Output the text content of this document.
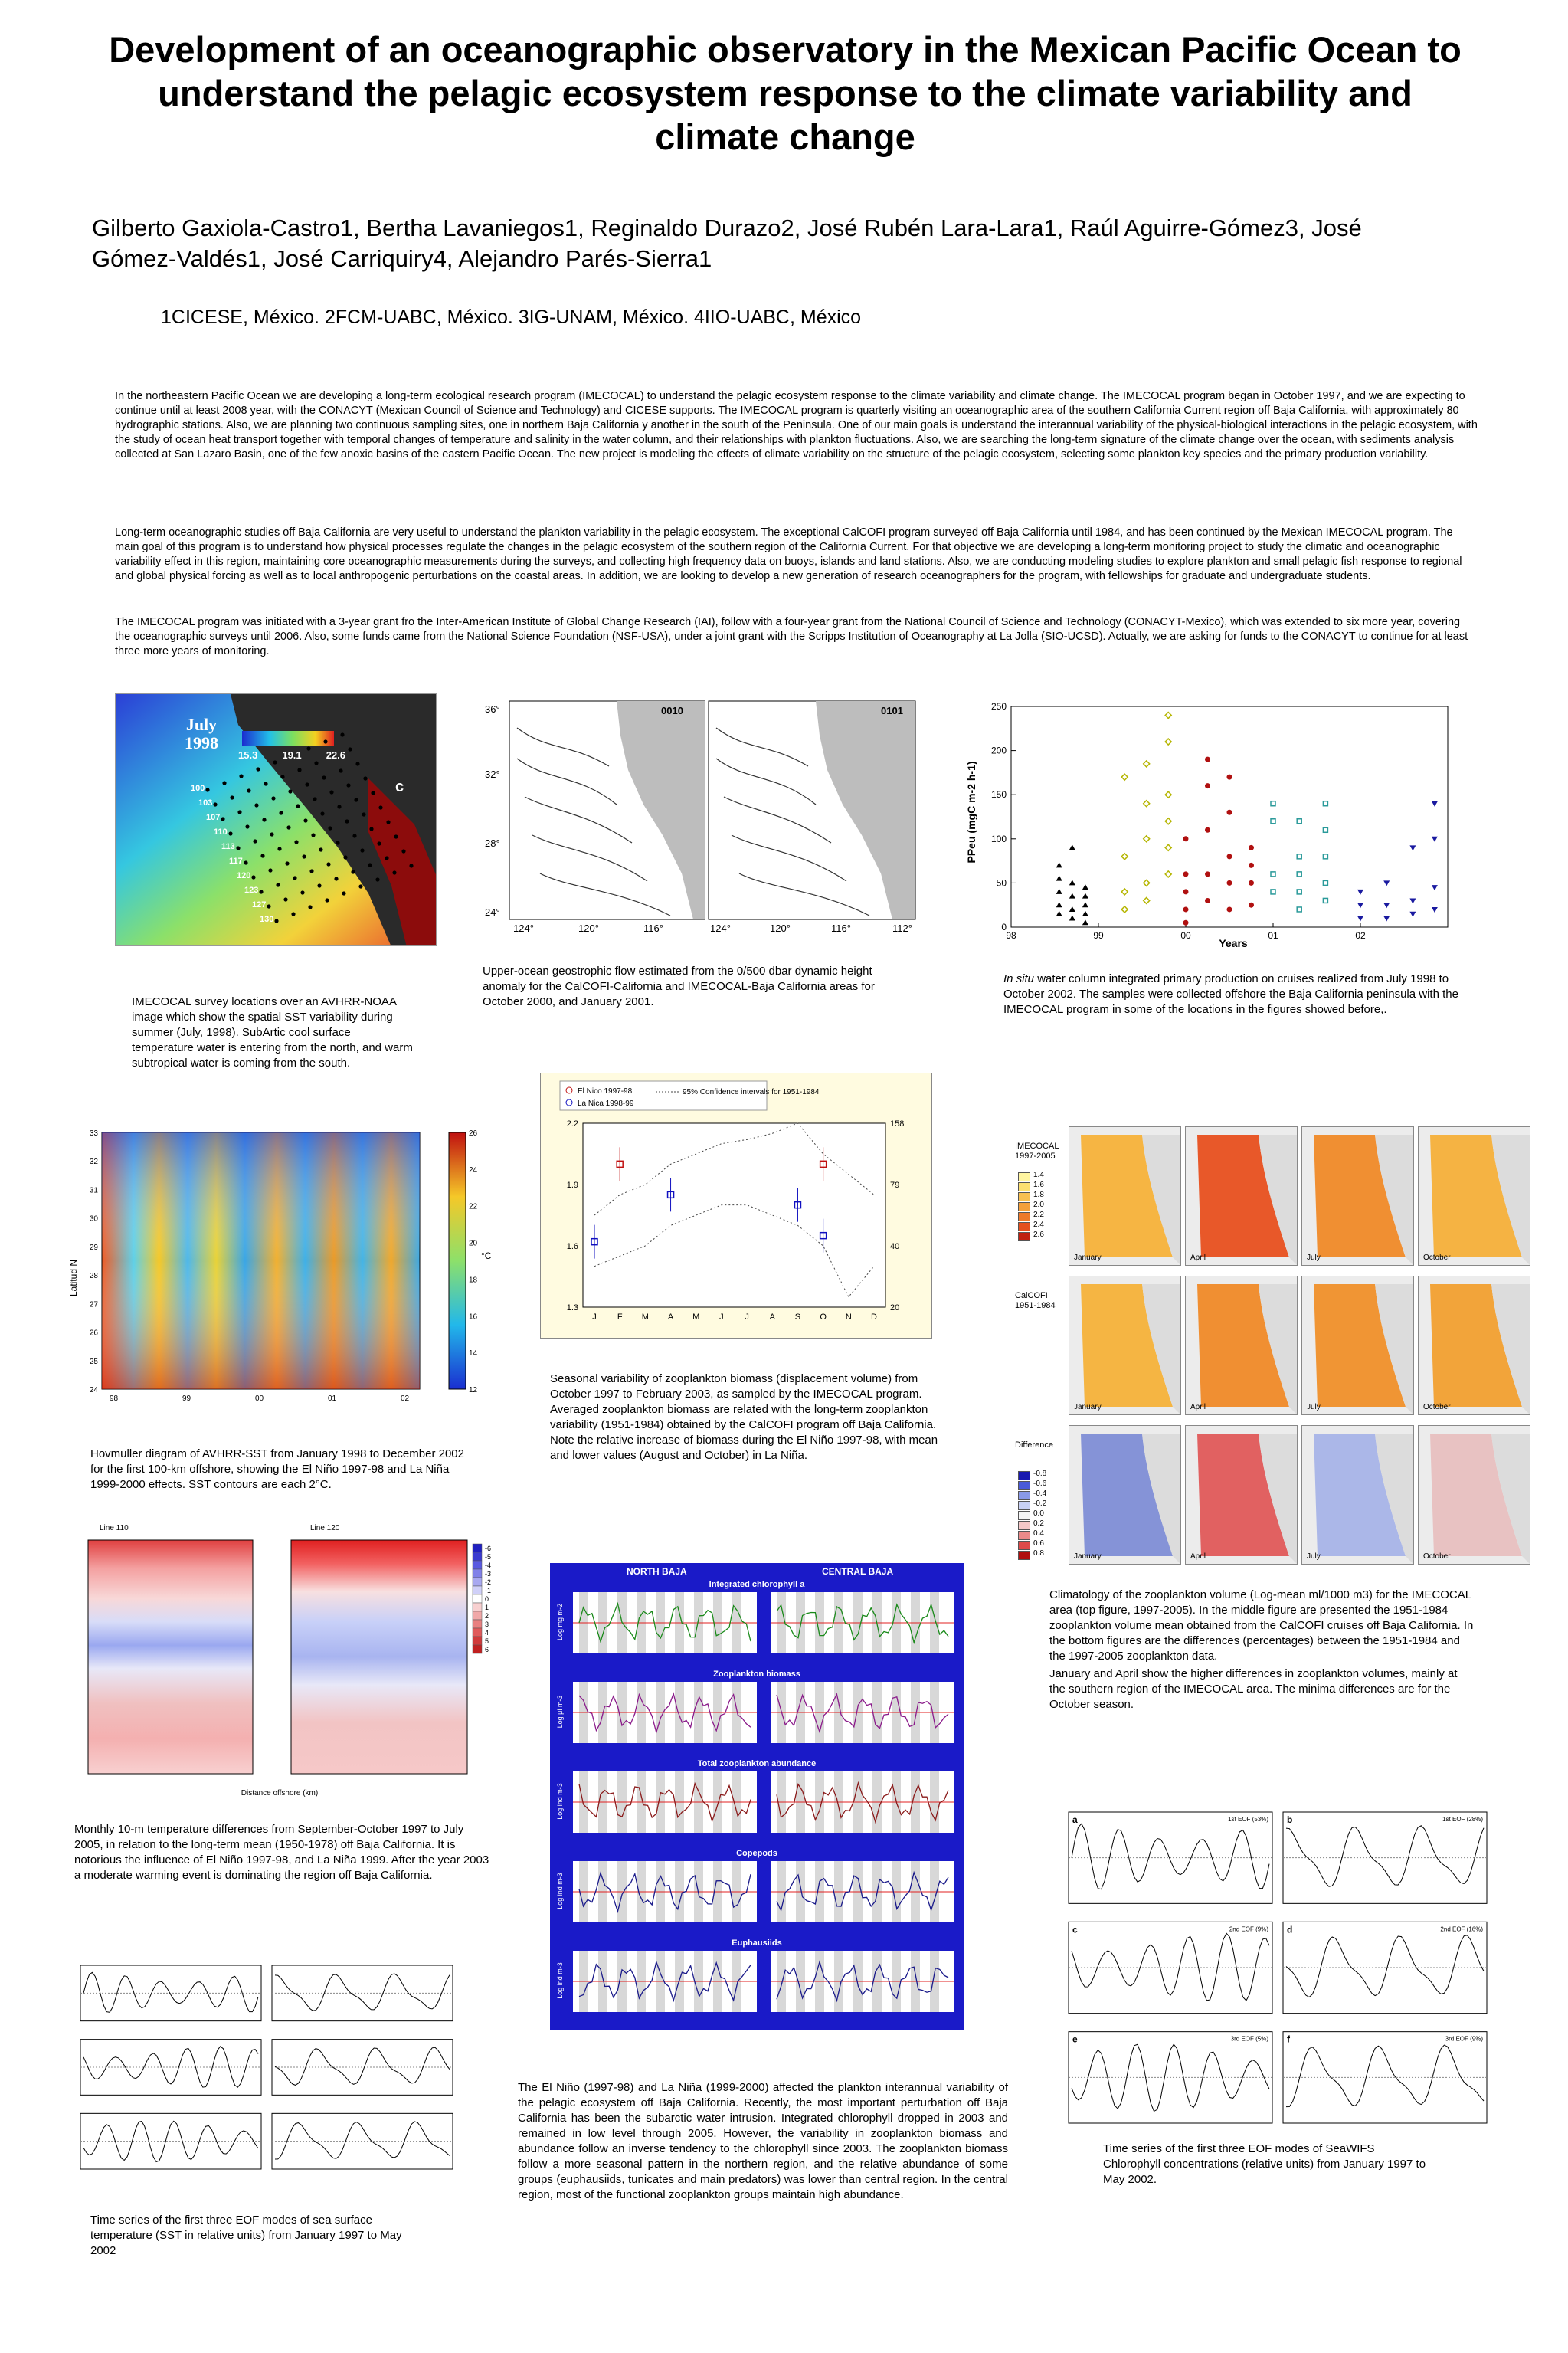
Development of an oceanographic observatory in the Mexican Pacific Ocean to understand the pelagic ecosystem response to the climate variability and climate change
Gilberto Gaxiola-Castro1, Bertha Lavaniegos1, Reginaldo Durazo2, José Rubén Lara-Lara1, Raúl Aguirre-Gómez3, José Gómez-Valdés1, José Carriquiry4, Alejandro Parés-Sierra1
1CICESE, México. 2FCM-UABC, México. 3IG-UNAM, México. 4IIO-UABC, México
In the northeastern Pacific Ocean we are developing a long-term ecological research program (IMECOCAL) to understand the pelagic ecosystem response to the climate variability and climate change. The IMECOCAL program began in October 1997, and we are expecting to continue until at least 2008 year, with the CONACYT (Mexican Council of Science and Technology) and CICESE supports. The IMECOCAL program is quarterly visiting an oceanographic area of the southern California Current region off Baja California, with approximately 80 hydrographic stations. Also, we are planning two continuous sampling sites, one in northern Baja California y another in the south of the Peninsula. One of our main goals is understand the interannual variability of the physical-biological interactions in the pelagic ecosystem, with the study of ocean heat transport together with temporal changes of temperature and salinity in the water column, and their relationships with plankton fluctuations. Also, we are searching the long-term signature of the climate change over the ocean, with sediments analysis collected at San Lazaro Basin, one of the few anoxic basins of the eastern Pacific Ocean. The new project is modeling the effects of climate variability on the structure of the pelagic ecosystem, selecting some plankton key species and the primary production variability.
Long-term oceanographic studies off Baja California are very useful to understand the plankton variability in the pelagic ecosystem. The exceptional CalCOFI program surveyed off Baja California until 1984, and has been continued by the Mexican IMECOCAL program. The main goal of this program is to understand how physical processes regulate the changes in the pelagic ecosystem of the southern region of the California Current. For that objective we are developing a long-term monitoring project to study the climatic and oceanographic variability effect in this region, maintaining core oceanographic measurements during the surveys, and collecting high frequency data on buoys, islands and land stations. Also, we are conducting modeling studies to explore plankton and small pelagic fish response to regional and global physical forcing as well as to local anthropogenic perturbations on the coastal areas. In addition, we are looking to develop a new generation of research oceanographers for the program, with fellowships for graduate and undergraduate students.
The IMECOCAL program was initiated with a 3-year grant fro the Inter-American Institute of Global Change Research (IAI), follow with a four-year grant from the National Council of Science and Technology (CONACYT-Mexico), which was extended to six more year, covering the oceanographic surveys until 2006. Also, some funds came from the National Science Foundation (NSF-USA), under a joint grant with the Scripps Institution of Oceanography at La Jolla (SIO-UCSD). Actually, we are asking for funds to the CONACYT to continue for at least three more years of monitoring.
July
1998
15.3 19.1 22.6
c
100
103
107
110
113
117
120
123
127
130
IMECOCAL survey locations over an AVHRR-NOAA image which show the spatial SST variability during summer (July, 1998). SubArtic cool surface temperature water is entering from the north, and warm subtropical water is coming from the south.
0010	0101
36°
32°
28°
24°
124°	120°	116°	124°	120°	116°	112°
Upper-ocean geostrophic flow estimated from the 0/500 dbar dynamic height anomaly for the CalCOFI-California and IMECOCAL-Baja California areas for October 2000, and January 2001.
PPeu (mgC m-2 h-1)
Years
0
50
100
150
200
250
98	99	00	01	02
In situ water column integrated primary production on cruises realized from July 1998 to October 2002. The samples were collected offshore the Baja California peninsula with the IMECOCAL program in some of the locations in the figures showed before,.
Latitud N
33
32
31
30
29
28
27
26
25
24
98	99	00	01	02
°C
26
24
22
20
18
16
14
12
Hovmuller diagram of AVHRR-SST from January 1998 to December 2002 for the first 100-km offshore, showing the El Niño 1997-98 and La Niña 1999-2000 effects. SST contours are each 2°C.
El Nico 1997-98
La Nica 1998-99
95% Confidence intervals for 1951-1984
1.3
1.6
1.9
2.2
20
40
79
158
J F M A M J	J A S O N D
Seasonal variability of zooplankton biomass (displacement volume) from October 1997 to February 2003, as sampled by the IMECOCAL program. Averaged zooplankton biomass are related with the long-term zooplankton variability (1951-1984) obtained by the CalCOFI program off Baja California. Note the relative increase of biomass during the El Niño 1997-98, with mean and lower values (August and October) in La Niña.
IMECOCAL 1997-2005
1.4
1.6
1.8
2.0
2.2
2.4
2.6
January	April	July	October
CalCOFI 1951-1984
January	April	July	October
Difference
-0.8
-0.6
-0.4
-0.2
0.0
0.2
0.4
0.6
0.8	January	April	July	October
Climatology of the zooplankton volume (Log-mean ml/1000 m3) for the IMECOCAL area (top figure, 1997-2005). In the middle figure are presented the 1951-1984 zooplankton volume mean obtained from the CalCOFI cruises off Baja California. In the bottom figures are the differences (percentages) between the 1951-1984 and the 1997-2005 zooplankton data.
January and April show the higher differences in zooplankton volumes, mainly at the southern region of the IMECOCAL area. The minima differences are for the October season.
Line 110	Line 120
-6
-5
-4
-3
-2
-1
0
1
2
3
4
5
6
Distance offshore (km)
Monthly 10-m temperature differences from September-October 1997 to July 2005, in relation to the long-term mean (1950-1978) off Baja California. It is notorious the influence of El Niño 1997-98, and La Niña 1999. After the year 2003 a moderate warming event is dominating the region off Baja California.
Time series of the first three EOF modes of sea surface temperature (SST in relative units) from January 1997 to May 2002
NORTH BAJA	CENTRAL BAJA
Integrated chlorophyll a
Log mg m-2
Zooplankton biomass
Log μl m-3
Total zooplankton abundance
Log ind m-3
Copepods
Log ind m-3
Euphausiids
Log ind m-3
The El Niño (1997-98) and La Niña (1999-2000) affected the plankton interannual variability of the pelagic ecosystem off Baja California. Recently, the most important perturbation off Baja California has been the subarctic water intrusion. Integrated chlorophyll dropped in 2003 and remained in low level through 2005. However, the variability in zooplankton biomass and abundance follow an inverse tendency to the chlorophyll since 2003. The zooplankton biomass follow a more seasonal pattern in the northern region, and the relative abundance of some groups (euphausiids, tunicates and main predators) was lower than central region. In the central region, most of the functional zooplankton groups maintain high abundance.
a	1st EOF (53%) b	1st EOF (28%)
c	2nd EOF (9%) d	2nd EOF (16%)
e	3rd EOF (5%) f	3rd EOF (9%)
Time series of the first three EOF modes of SeaWIFS Chlorophyll concentrations (relative units) from January 1997 to May 2002.
